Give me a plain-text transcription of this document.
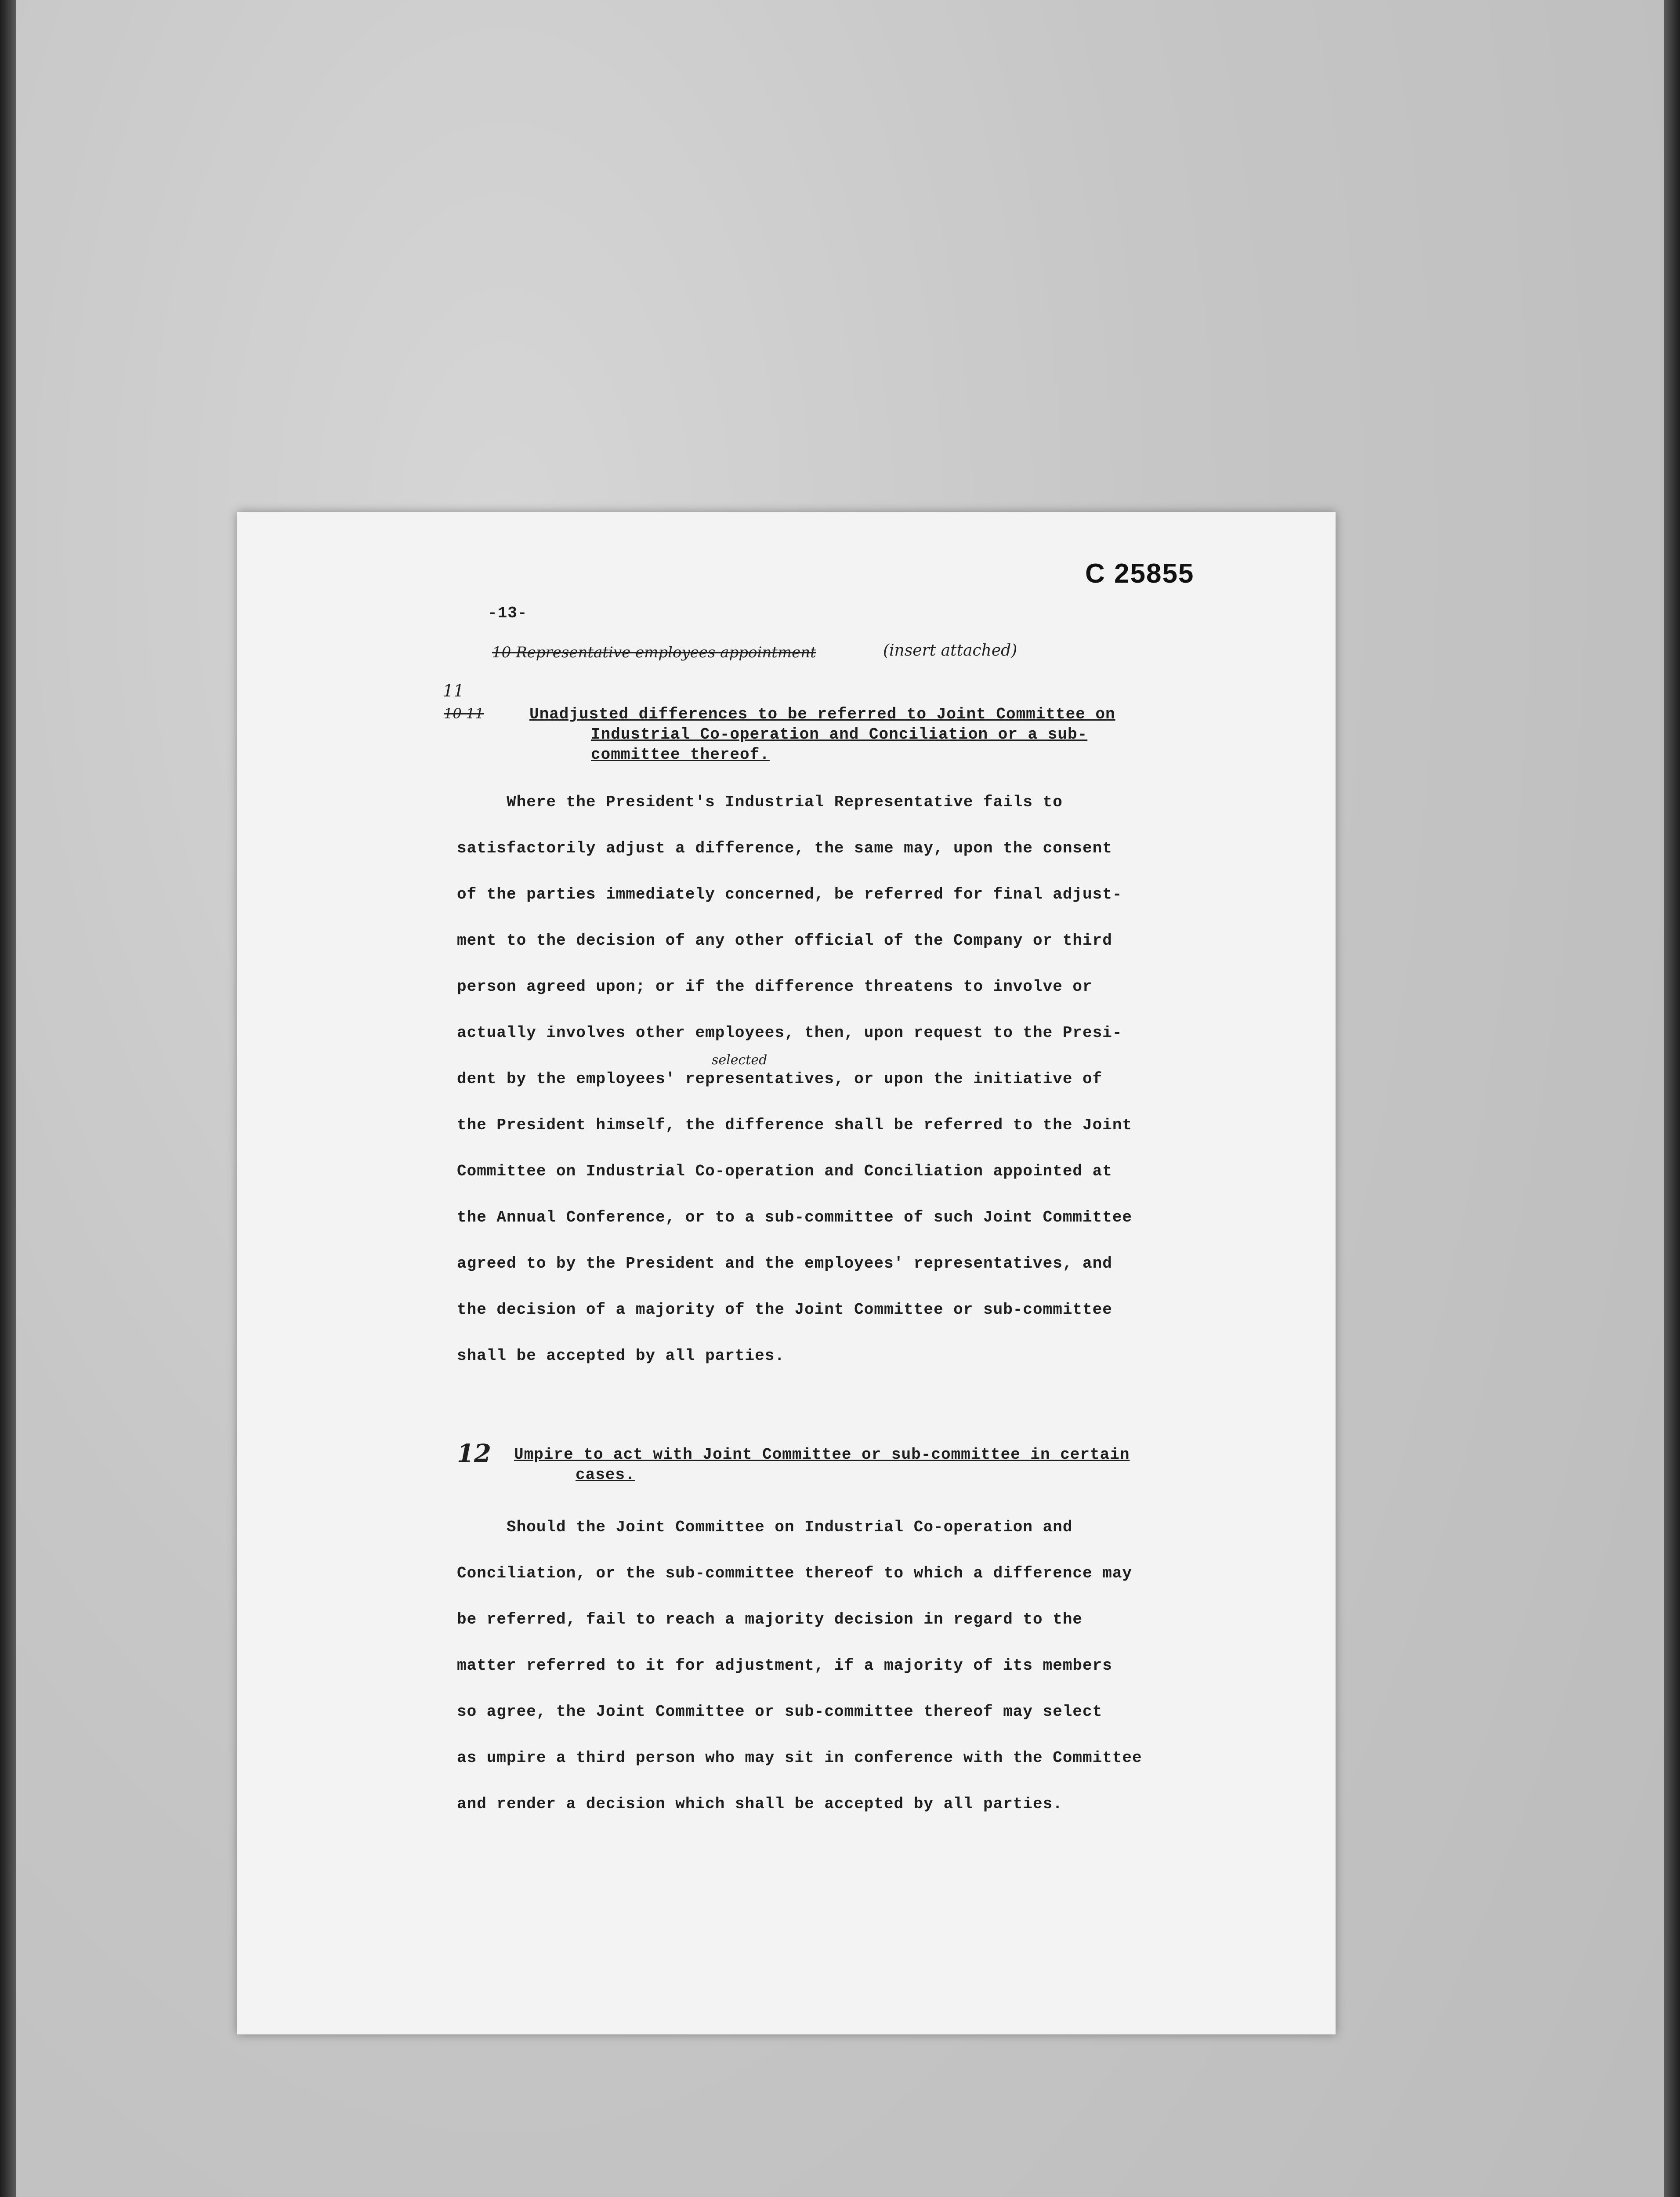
C 25855
-13-
10 Representative employees appointment	(insert attached)
11
10 11	Unadjusted differences to be referred to Joint Committee on
Industrial Co-operation and Conciliation or a sub-
committee thereof.
Where the President's Industrial Representative fails to
satisfactorily adjust a difference, the same may, upon the consent
of the parties immediately concerned, be referred for final adjust-
ment to the decision of any other official of the Company or third
person agreed upon; or if the difference threatens to involve or
actually involves other employees, then, upon request to the Presi-
selected
dent by the employees' representatives, or upon the initiative of
the President himself, the difference shall be referred to the Joint
Committee on Industrial Co-operation and Conciliation appointed at
the Annual Conference, or to a sub-committee of such Joint Committee
agreed to by the President and the employees' representatives, and
the decision of a majority of the Joint Committee or sub-committee
shall be accepted by all parties.
12 Umpire to act with Joint Committee or sub-committee in certain
cases.
Should the Joint Committee on Industrial Co-operation and
Conciliation, or the sub-committee thereof to which a difference may
be referred, fail to reach a majority decision in regard to the
matter referred to it for adjustment, if a majority of its members
so agree, the Joint Committee or sub-committee thereof may select
as umpire a third person who may sit in conference with the Committee
and render a decision which shall be accepted by all parties.
